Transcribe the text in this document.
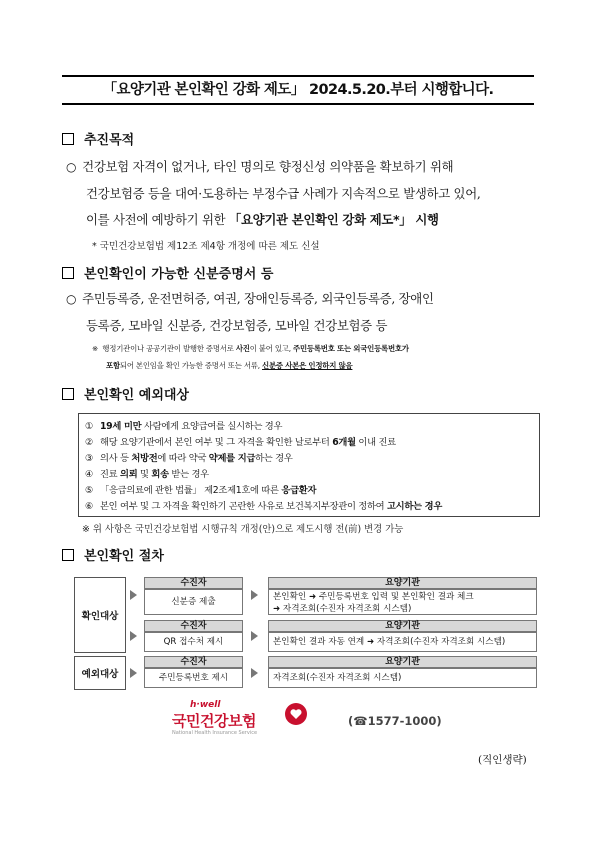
「요양기관 본인확인 강화 제도」 2024.5.20.부터 시행합니다.
추진목적
○ 건강보험 자격이 없거나, 타인 명의로 향정신성 의약품을 확보하기 위해
건강보험증 등을 대여·도용하는 부정수급 사례가 지속적으로 발생하고 있어,
이를 사전에 예방하기 위한 「요양기관 본인확인 강화 제도*」 시행
* 국민건강보험법 제12조 제4항 개정에 따른 제도 신설
본인확인이 가능한 신분증명서 등
○ 주민등록증, 운전면허증, 여권, 장애인등록증, 외국인등록증, 장애인
등록증, 모바일 신분증, 건강보험증, 모바일 건강보험증 등
※ 행정기관이나 공공기관이 발행한 증명서로 사진이 붙어 있고, 주민등록번호 또는 외국인등록번호가
포함되어 본인임을 확인 가능한 증명서 또는 서류, 신분증 사본은 인정하지 않음
본인확인 예외대상
① 19세 미만 사람에게 요양급여를 실시하는 경우
② 해당 요양기관에서 본인 여부 및 그 자격을 확인한 날로부터 6개월 이내 진료
③ 의사 등 처방전에 따라 약국 약제를 지급하는 경우
④ 진료 의뢰 및 회송 받는 경우
⑤ 「응급의료에 관한 법률」 제2조제1호에 따른 응급환자
⑥ 본인 여부 및 그 자격을 확인하기 곤란한 사유로 보건복지부장관이 정하여 고시하는 경우
※ 위 사항은 국민건강보험법 시행규칙 개정(안)으로 제도시행 전(前) 변경 가능
본인확인 절차
확인대상
예외대상
수진자
신분증 제출
요양기관
본인확인 ➜ 주민등록번호 입력 및 본인확인 결과 체크
➜ 자격조회(수진자 자격조회 시스템)
수진자
QR 접수처 제시
요양기관
본인확인 결과 자동 연계 ➜ 자격조회(수진자 자격조회 시스템)
수진자
주민등록번호 제시
요양기관
자격조회(수진자 자격조회 시스템)
h·well
국민건강보험
National Health Insurance Service
(☎1577-1000)
(직인생략)
